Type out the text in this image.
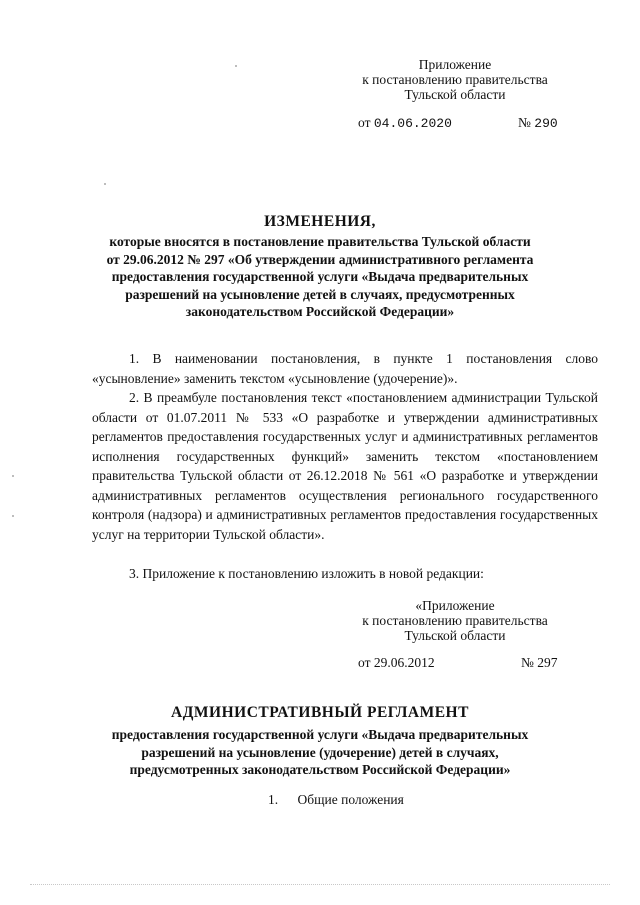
Приложение
к постановлению правительства
Тульской области
от 04.06.2020	№ 290
ИЗМЕНЕНИЯ,
которые вносятся в постановление правительства Тульской области
от 29.06.2012 № 297 «Об утверждении административного регламента
предоставления государственной услуги «Выдача предварительных
разрешений на усыновление детей в случаях, предусмотренных
законодательством Российской Федерации»
1. В наименовании постановления, в пункте 1 постановления слово «усыновление» заменить текстом «усыновление (удочерение)».
2. В преамбуле постановления текст «постановлением администрации Тульской области от 01.07.2011 № 533 «О разработке и утверждении административных регламентов предоставления государственных услуг и административных регламентов исполнения государственных функций» заменить текстом «постановлением правительства Тульской области от 26.12.2018 № 561 «О разработке и утверждении административных регламентов осуществления регионального государственного контроля (надзора) и административных регламентов предоставления государственных услуг на территории Тульской области».
3. Приложение к постановлению изложить в новой редакции:
«Приложение
к постановлению правительства
Тульской области
от 29.06.2012	№ 297
АДМИНИСТРАТИВНЫЙ РЕГЛАМЕНТ
предоставления государственной услуги «Выдача предварительных
разрешений на усыновление (удочерение) детей в случаях,
предусмотренных законодательством Российской Федерации»
1. Общие положения
